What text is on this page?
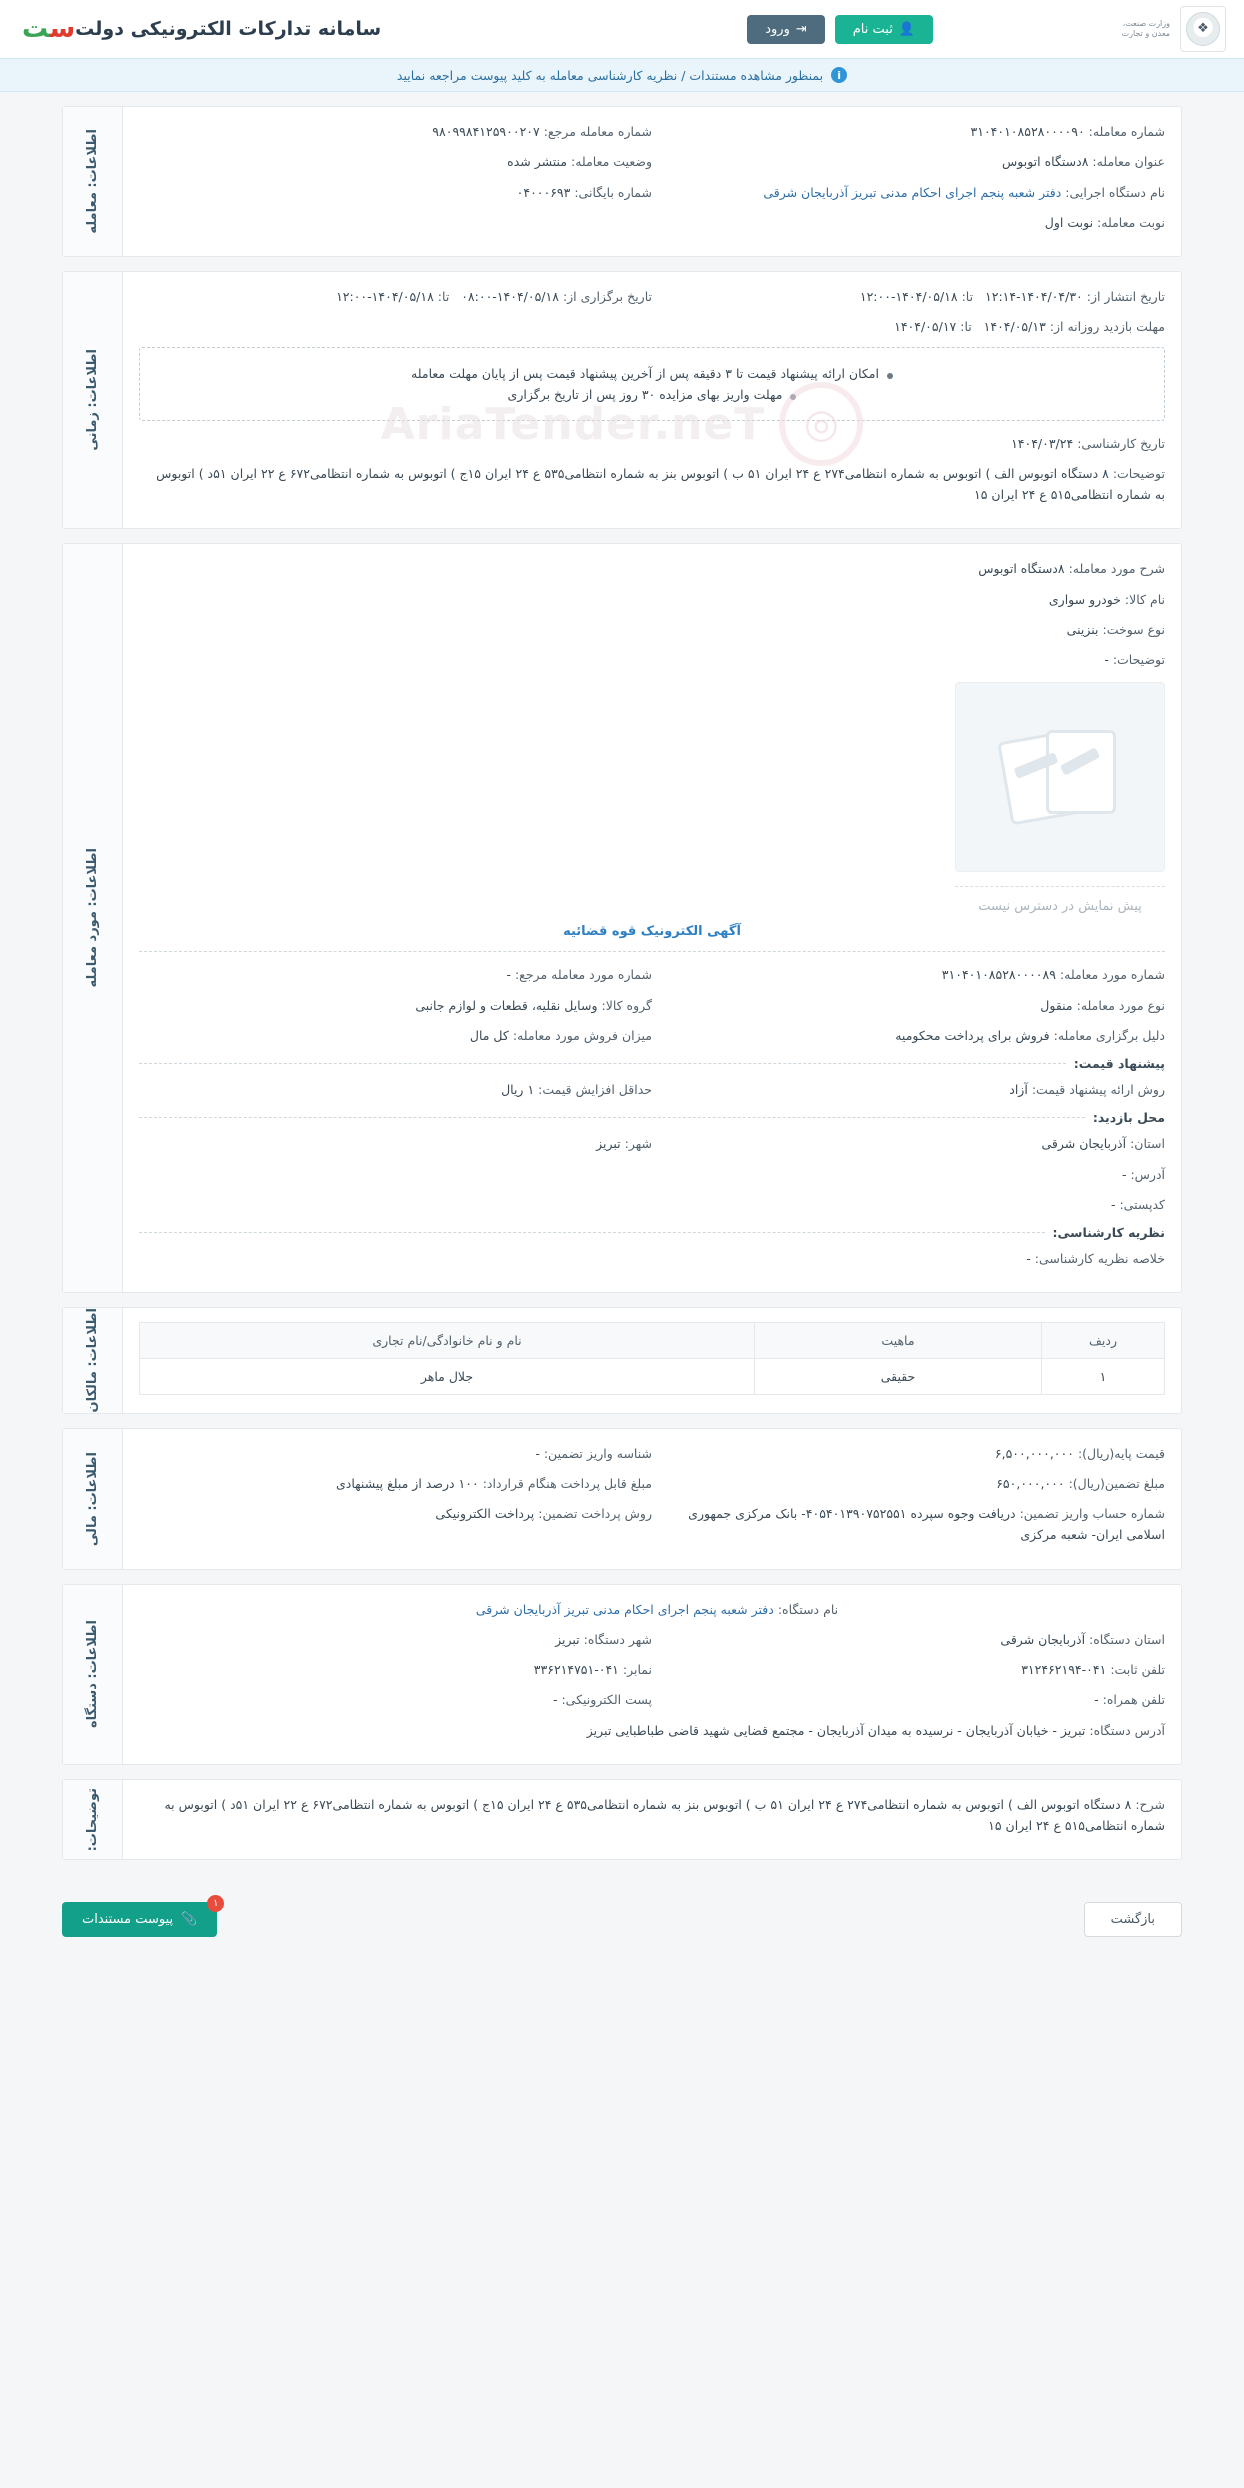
❖
وزارت صنعت، معدن و تجارت
👤
ثبت نام
⇥
ورود
سامانه تدارکات الکترونیکی دولت
ست
i
بمنظور مشاهده مستندات / نظریه کارشناسی معامله به کلید پیوست مراجعه نمایید
◎
AriaTender.neT
شماره معامله: ۳۱۰۴۰۱۰۸۵۲۸۰۰۰۰۹۰
شماره معامله مرجع: ۹۸۰۹۹۸۴۱۲۵۹۰۰۲۰۷
عنوان معامله: ۸دستگاه اتوبوس
وضعیت معامله: منتشر شده
نام دستگاه اجرایی: دفتر شعبه پنجم اجرای احکام مدنی تبریز آذربایجان شرقی
شماره بایگانی: ۰۴۰۰۰۶۹۳
نوبت معامله: نوبت اول
اطلاعات: معامله
تاریخ انتشار از: ۱۴۰۴/۰۴/۳۰-۱۲:۱۴   تا: ۱۴۰۴/۰۵/۱۸-۱۲:۰۰
تاریخ برگزاری از: ۱۴۰۴/۰۵/۱۸-۰۸:۰۰   تا: ۱۴۰۴/۰۵/۱۸-۱۲:۰۰
مهلت بازدید روزانه از: ۱۴۰۴/۰۵/۱۳   تا: ۱۴۰۴/۰۵/۱۷
امکان ارائه پیشنهاد قیمت تا ۳ دقیقه پس از آخرین پیشنهاد قیمت پس از پایان مهلت معامله
مهلت واریز بهای مزایده ۳۰ روز پس از تاریخ برگزاری
تاریخ کارشناسی: ۱۴۰۴/۰۳/۲۴
توضیحات: ۸ دستگاه اتوبوس الف ) اتوبوس به شماره انتظامی۲۷۴ ع ۲۴ ایران ۵۱ ب ) اتوبوس بنز به شماره انتظامی۵۳۵ ع ۲۴ ایران ۱۵ج ) اتوبوس به شماره انتظامی۶۷۲ ع ۲۲ ایران ۵۱د ) اتوبوس به شماره انتظامی۵۱۵ ع ۲۴ ایران ۱۵
اطلاعات: زمانی
شرح مورد معامله: ۸دستگاه اتوبوس
نام کالا: خودرو سواری
نوع سوخت: بنزینی
توضیحات: -
پیش نمایش در دسترس نیست
آگهی الکترونیک قوه قضائیه
شماره مورد معامله: ۳۱۰۴۰۱۰۸۵۲۸۰۰۰۰۸۹
شماره مورد معامله مرجع: -
نوع مورد معامله: منقول
گروه کالا: وسایل نقلیه، قطعات و لوازم جانبی
دلیل برگزاری معامله: فروش برای پرداخت محکومیه
میزان فروش مورد معامله: کل مال
پیشنهاد قیمت:
روش ارائه پیشنهاد قیمت: آزاد
حداقل افزایش قیمت: ۱ ریال
محل بازدید:
استان: آذربایجان شرقی
شهر: تبریز
آدرس: -
کدپستی: -
نظریه کارشناسی:
خلاصه نظریه کارشناسی: -
اطلاعات: مورد معامله
ردیف	ماهیت	نام و نام خانوادگی/نام تجاری
۱	حقیقی	جلال ماهر
اطلاعات: مالکان
قیمت پایه(ریال): ۶,۵۰۰,۰۰۰,۰۰۰
شناسه واریز تضمین: -
مبلغ تضمین(ریال): ۶۵۰,۰۰۰,۰۰۰
مبلغ قابل پرداخت هنگام قرارداد: ۱۰۰ درصد از مبلغ پیشنهادی
شماره حساب واریز تضمین: دریافت وجوه سپرده ۴۰۵۴۰۱۳۹۰۷۵۲۵۵۱- بانک مرکزی جمهوری اسلامی ایران- شعبه مرکزی
روش پرداخت تضمین: پرداخت الکترونیکی
اطلاعات: مالی
نام دستگاه: دفتر شعبه پنجم اجرای احکام مدنی تبریز آذربایجان شرقی
استان دستگاه: آذربایجان شرقی
شهر دستگاه: تبریز
تلفن ثابت: ۰۴۱-۳۱۲۴۶۲۱۹۴
نمابر: ۰۴۱-۳۳۶۲۱۴۷۵۱
تلفن همراه: -
پست الکترونیکی: -
آدرس دستگاه: تبریز - خیابان آذربایجان - نرسیده به میدان آذربایجان - مجتمع قضایی شهید قاضی طباطبایی تبریز
اطلاعات: دستگاه
شرح: ۸ دستگاه اتوبوس الف ) اتوبوس به شماره انتظامی۲۷۴ ع ۲۴ ایران ۵۱ ب ) اتوبوس بنز به شماره انتظامی۵۳۵ ع ۲۴ ایران ۱۵ج ) اتوبوس به شماره انتظامی۶۷۲ ع ۲۲ ایران ۵۱د ) اتوبوس به شماره انتظامی۵۱۵ ع ۲۴ ایران ۱۵
توضیحات:
بازگشت
۱
📎
پیوست مستندات
